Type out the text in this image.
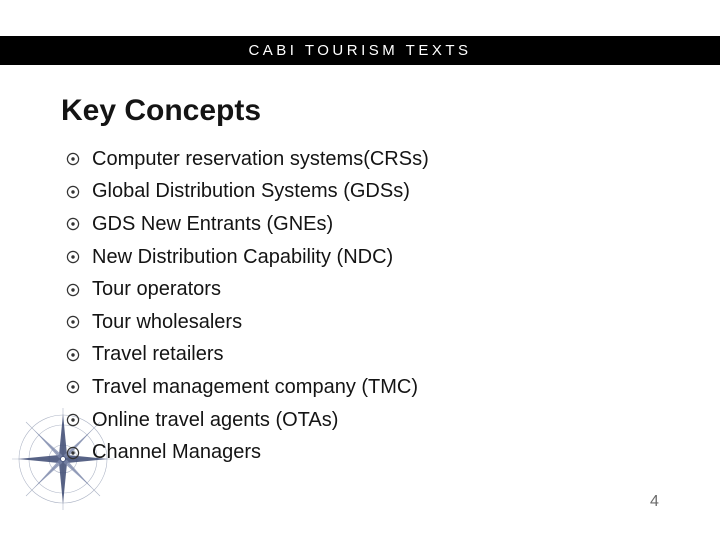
CABI TOURISM TEXTS
Key Concepts
Computer reservation systems(CRSs)
Global Distribution Systems (GDSs)
GDS New Entrants (GNEs)
New Distribution Capability (NDC)
Tour operators
Tour wholesalers
Travel retailers
Travel management company (TMC)
Online travel agents (OTAs)
Channel Managers
4
